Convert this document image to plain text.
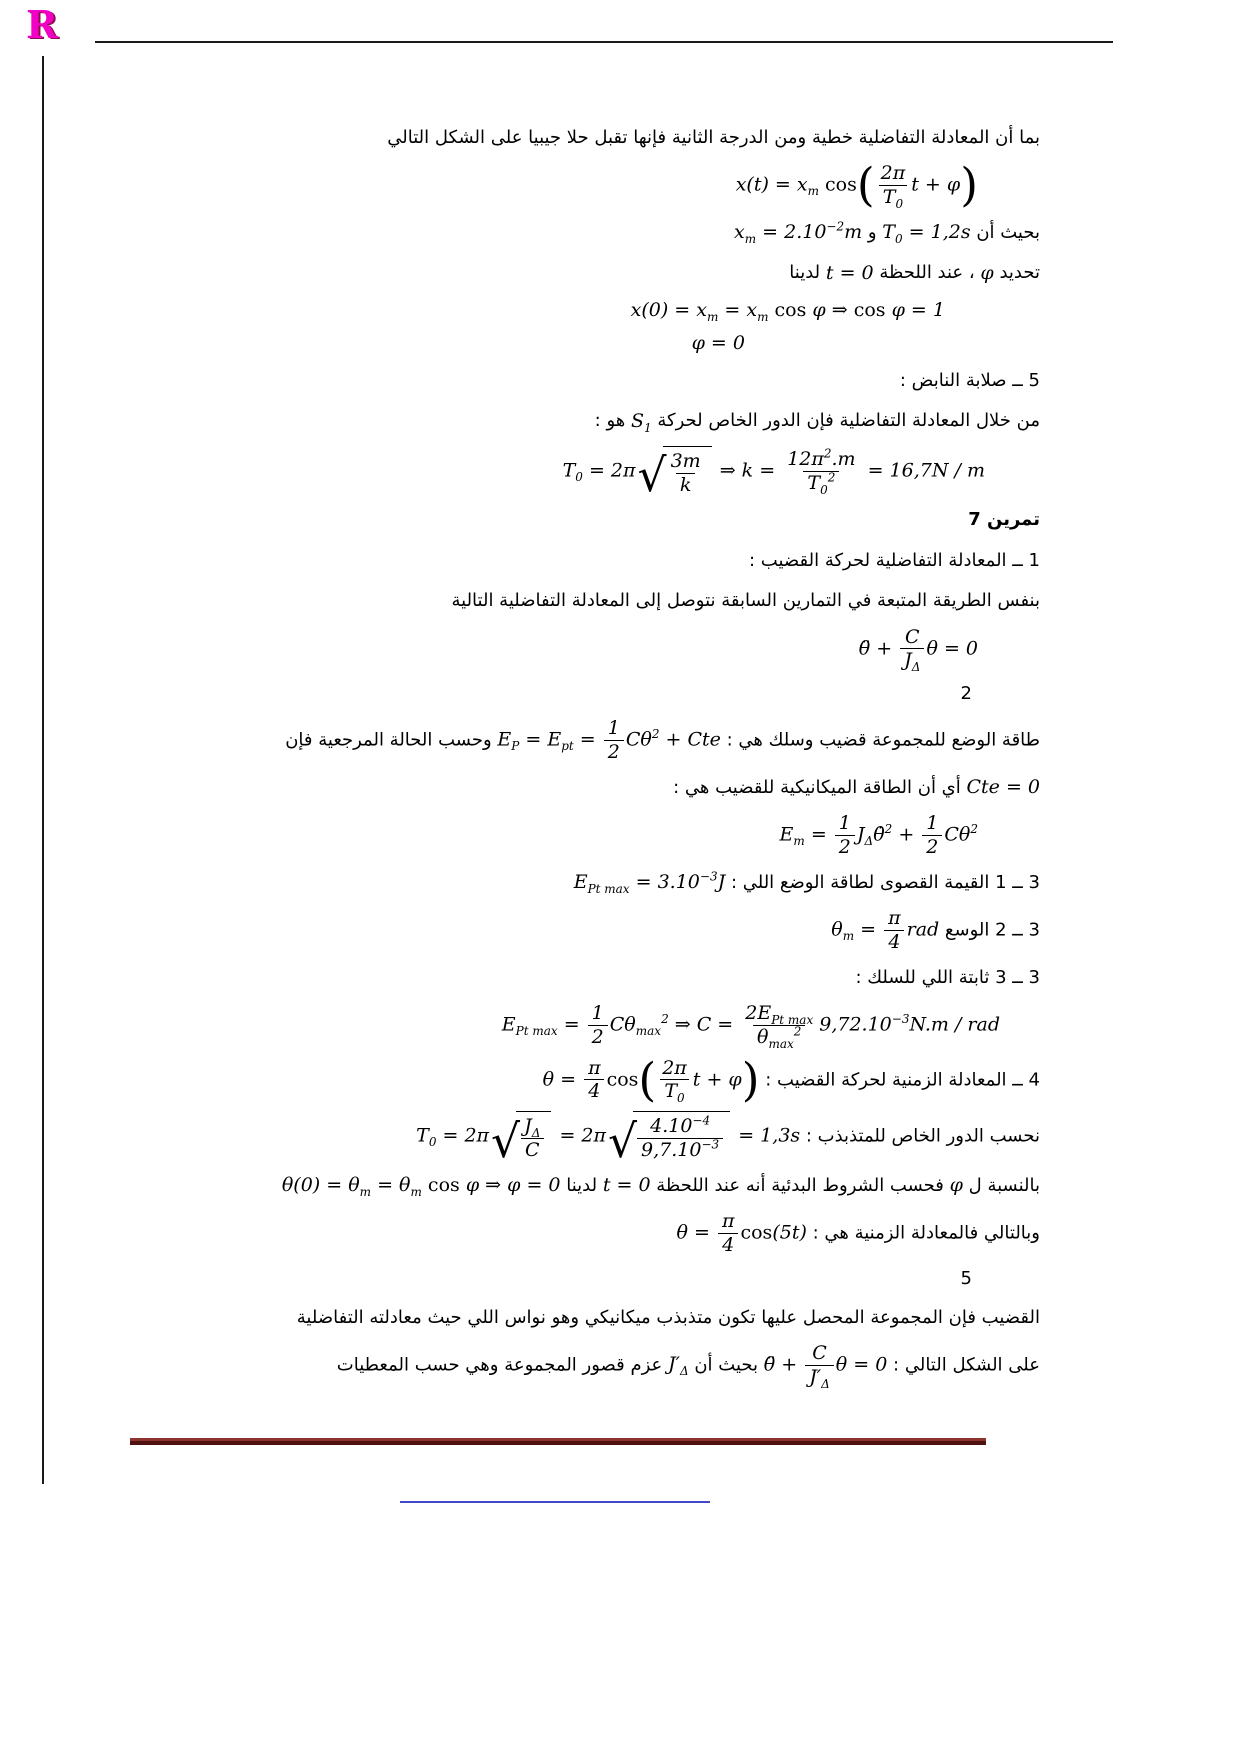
R

بما أن المعادلة التفاضلية خطية ومن الدرجة الثانية فإنها تقبل حلا جيبيا على الشكل التالي

$x(t) = x_m$ $\cos( \frac{2\pi}{T_0}$ t + φ)

بحيث أن $T_0 = 1,2s$ و $x_m = 2.10^{-2}m$

تحديد φ ، عند اللحظة t = 0 لدينا

$x(0) = x_m = x_m$ cos φ ⇒ cos φ = 1
φ = 0

5 ــ صلابة النابض :

من خلال المعادلة التفاضلية فإن الدور الخاص لحركة $S_1$ هو :

$T_0 = 2\pi$ √ $\frac{3m}{k}$ ⇒ $k = \frac{12\pi^2.m}{T_0^2} = 16,7N / m$

تمرين 7

1 ــ المعادلة التفاضلية لحركة القضيب :

بنفس الطريقة المتبعة في التمارين السابقة نتوصل إلى المعادلة التفاضلية التالية

θ̈ + $\frac{C}{J_\Delta}$ θ = 0
2

طاقة الوضع للمجموعة قضيب وسلك هي : $E_P = E_{pt} = \frac{1}{2} C\theta^2$ + Cte وحسب الحالة المرجعية فإن

Cte = 0 أي أن الطاقة الميكانيكية للقضيب هي :

$E_m = \frac{1}{2}$ $J_\Delta\thetȧ^2 + \frac{1}{2} C\theta^2$

3 ــ 1 القيمة القصوى لطاقة الوضع اللي : $E_{Pt max} = 3.10^{-3}J$

3 ــ 2 الوسع $\theta_m = \frac{\pi}{4}$ rad

3 ــ 3 ثابتة اللي للسلك :

$E_{Pt max} = \frac{1}{2} C\theta_{max}^2$ ⇒ $C = \frac{2E_{Pt max}}{\theta_{max}^2} 9,72.10^{-3}N.m$ / rad

4 ــ المعادلة الزمنية لحركة القضيب : $\theta = \frac{\pi}{4} \cos( \frac{2\pi}{T_0}$ t + φ)

نحسب الدور الخاص للمتذبذب : $T_0 = 2\pi$ √ $\frac{J_\Delta}{C} = 2\pi$ √ $\frac{4.10^{-4}}{9,7.10^{-3}} = 1,3s$

بالنسبة ل φ فحسب الشروط البدئية أنه عند اللحظة t = 0 لدينا $\theta(0) = \theta_m = \theta_m$ cos φ ⇒ φ = 0

وبالتالي فالمعادلة الزمنية هي : $\theta = \frac{\pi}{4} \cos(5t)$

5

القضيب فإن المجموعة المحصل عليها تكون متذبذب ميكانيكي وهو نواس اللي حيث معادلته التفاضلية

على الشكل التالي : θ̈ + $\frac{C}{J'_\Delta}$ θ = 0 بحيث أن $J'_\Delta$ عزم قصور المجموعة وهي حسب المعطيات
